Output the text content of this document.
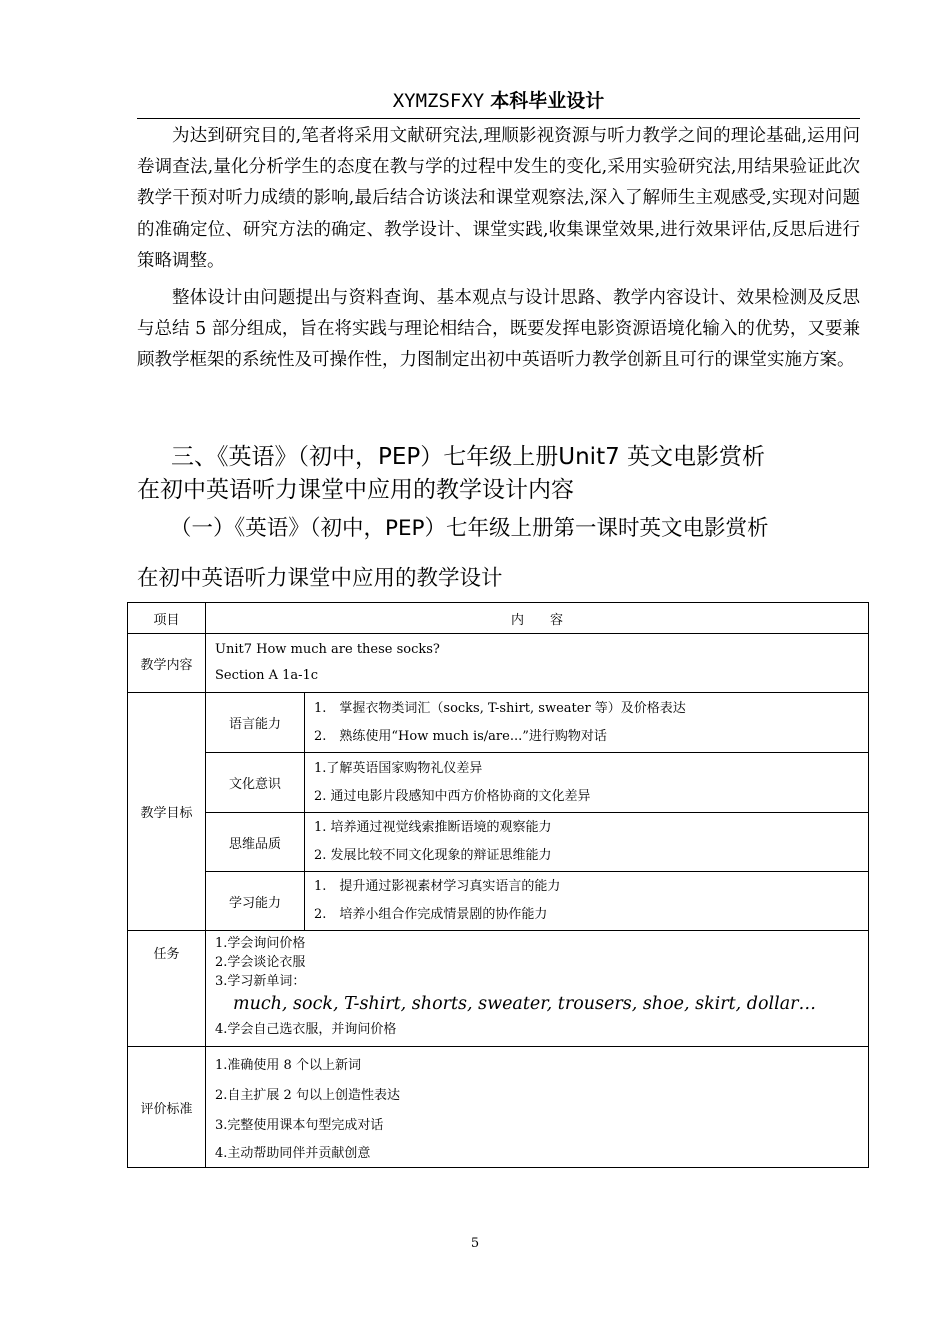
XYMZSFXY 本科毕业设计

为达到研究目的,笔者将采用文献研究法,理顺影视资源与听力教学之间的理论基础,运用问卷调查法,量化分析学生的态度在教与学的过程中发生的变化,采用实验研究法,用结果验证此次教学干预对听力成绩的影响,最后结合访谈法和课堂观察法,深入了解师生主观感受,实现对问题的准确定位、研究方法的确定、教学设计、课堂实践,收集课堂效果,进行效果评估,反思后进行策略调整。

整体设计由问题提出与资料查询、基本观点与设计思路、教学内容设计、效果检测及反思与总结 5 部分组成，旨在将实践与理论相结合，既要发挥电影资源语境化输入的优势，又要兼顾教学框架的系统性及可操作性，力图制定出初中英语听力教学创新且可行的课堂实施方案。

三、《英语》（初中，PEP）七年级上册Unit7 英文电影赏析
在初中英语听力课堂中应用的教学设计内容
（一）《英语》（初中，PEP）七年级上册第一课时英文电影赏析
在初中英语听力课堂中应用的教学设计
项目	内　　容	
教学内容	Unit7 How much are these socks?
Section A 1a-1c	

教学目标	语言能力	1.　掌握衣物类词汇（socks, T-shirt, sweater 等）及价格表达
2.　熟练使用“How much is/are...”进行购物对话

	文化意识	1.了解英语国家购物礼仪差异
2. 通过电影片段感知中西方价格协商的文化差异

	思维品质	1. 培养通过视觉线索推断语境的观察能力
2. 发展比较不同文化现象的辩证思维能力

	学习能力	1.　提升通过影视素材学习真实语言的能力
2.　培养小组合作完成情景剧的协作能力

任务	1.学会询问价格
2.学会谈论衣服
3.学习新单词：
much, sock, T-shirt, shorts, sweater, trousers, shoe, skirt, dollar…
4.学会自己选衣服，并询问价格	

评价标准	1.准确使用 8 个以上新词
2.自主扩展 2 句以上创造性表达
3.完整使用课本句型完成对话
4.主动帮助同伴并贡献创意	
5
